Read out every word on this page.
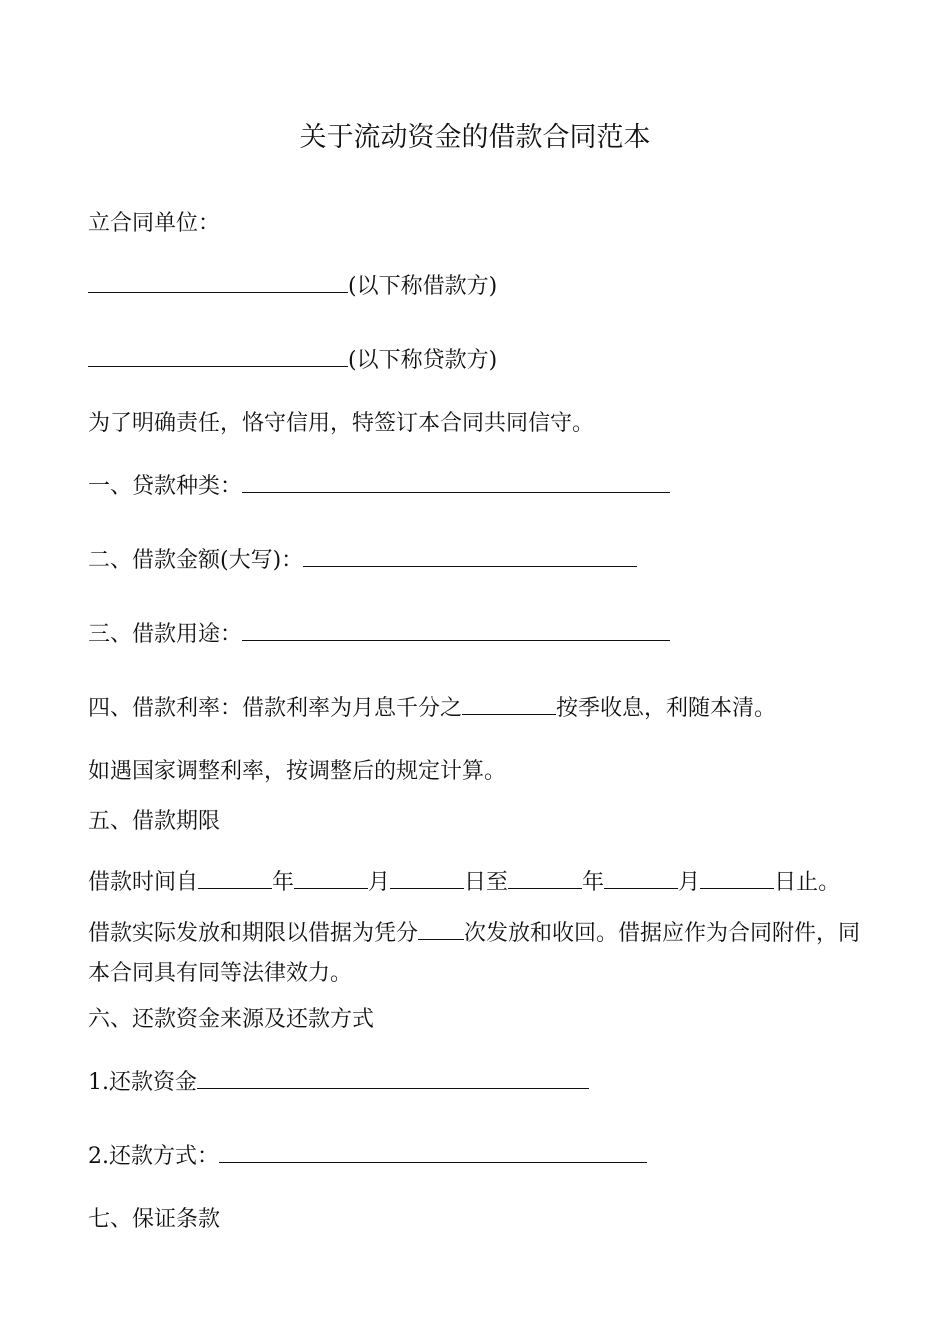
关于流动资金的借款合同范本
立合同单位：
(以下称借款方)
(以下称贷款方)
为了明确责任，恪守信用，特签订本合同共同信守。
一、贷款种类：
二、借款金额(大写)：
三、借款用途：
四、借款利率：借款利率为月息千分之	按季收息，利随本清。
如遇国家调整利率，按调整后的规定计算。
五、借款期限
借款时间自	年	月	日至	年	月	日止。
借款实际发放和期限以借据为凭分 次发放和收回。借据应作为合同附件，同本合同具有同等法律效力。
六、还款资金来源及还款方式
1.还款资金
2.还款方式：
七、保证条款
